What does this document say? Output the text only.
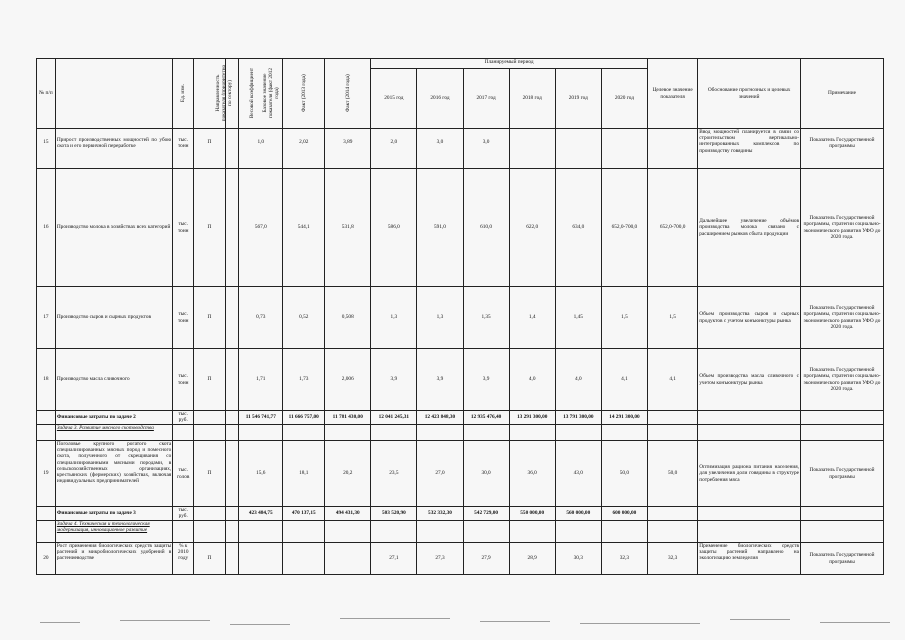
№ п/п		Ед. изм.	Направленность показателя (приоритетно по сектору)	Весовой коэффициент	Базовое значение показателя (факт 2012 года)	Факт (2013 года)	Факт (2014 года)	Планируемый период						Целевое значение показателя	Обоснование прогнозных и целевых значений	Примечание
								2015 год	2016 год	2017 год	2018 год	2019 год	2020 год			
15	Прирост производственных мощностей по убою скота и его первичной переработке	тыс. тонн	П		1,0	2,02	3,89	2,0	3,0	3,0					Ввод мощностей планируется в связи со строительством вертикально-интегрированных комплексов по производству говядины	Показатель Государственной программы
16	Производство молока в хозяйствах всех категорий	тыс. тонн	П		567,0	544,1	531,8	586,0	591,0	610,0	622,0	634,0	652,0-700,0	652,0-700,0	Дальнейшее увеличение объёмов производства молока связано с расширением рынков сбыта продукции	Показатель Государственной программы, стратегии социально-экономического развития УФО до 2020 года.
17	Производство сыров и сырных продуктов	тыс. тонн	П		0,73	0,52	0,508	1,3	1,3	1,35	1,4	1,45	1,5	1,5	Объем производства сыров и сырных продуктов с учетом конъюнктуры рынка	Показатель Государственной программы, стратегии социально-экономического развития УФО до 2020 года.
18	Производство масла сливочного	тыс. тонн	П		1,71	1,73	2,006	3,9	3,9	3,9	4,0	4,0	4,1	4,1	Объем производства масла сливочного с учетом конъюнктуры рынка	Показатель Государственной программы, стратегии социально-экономического развития УФО до 2020 года.
	Финансовые затраты по задаче 2	тыс. руб.			11 546 741,77	11 666 757,00	11 781 430,00	12 041 245,31	12 423 848,30	12 935 476,40	13 291 300,00	13 791 300,00	14 291 300,00			
	Задача 3. Развитие мясного скотоводства															
19	Поголовье крупного рогатого скота специализированных мясных пород и помесного скота, полученного от скрещивания со специализированными мясными породами, в сельскохозяйственных организациях, крестьянских (фермерских) хозяйствах, включая индивидуальных предпринимателей	тыс. голов	П		15,6	18,1	20,2	23,5	27,0	30,0	36,0	43,0	50,0	50,0	Оптимизация рациона питания населения, для увеличения доли говядины в структуре потребления мяса	Показатель Государственной программы
	Финансовые затраты по задаче 3	тыс. руб.			423 484,75	470 137,15	494 431,30	503 520,90	532 332,30	542 729,00	550 000,00	560 000,00	600 000,00			
	Задача 4. Техническая и технологическая модернизация, инновационное развитие															
20	Рост применения биологических средств защиты растений и микробиологических удобрений в растениеводстве	% к 2010 году	П					27,1	27,3	27,9	28,9	30,3	32,3	32,3	Применение биологических средств защиты растений направлено на экологизацию земледелия	Показатель Государственной программы
